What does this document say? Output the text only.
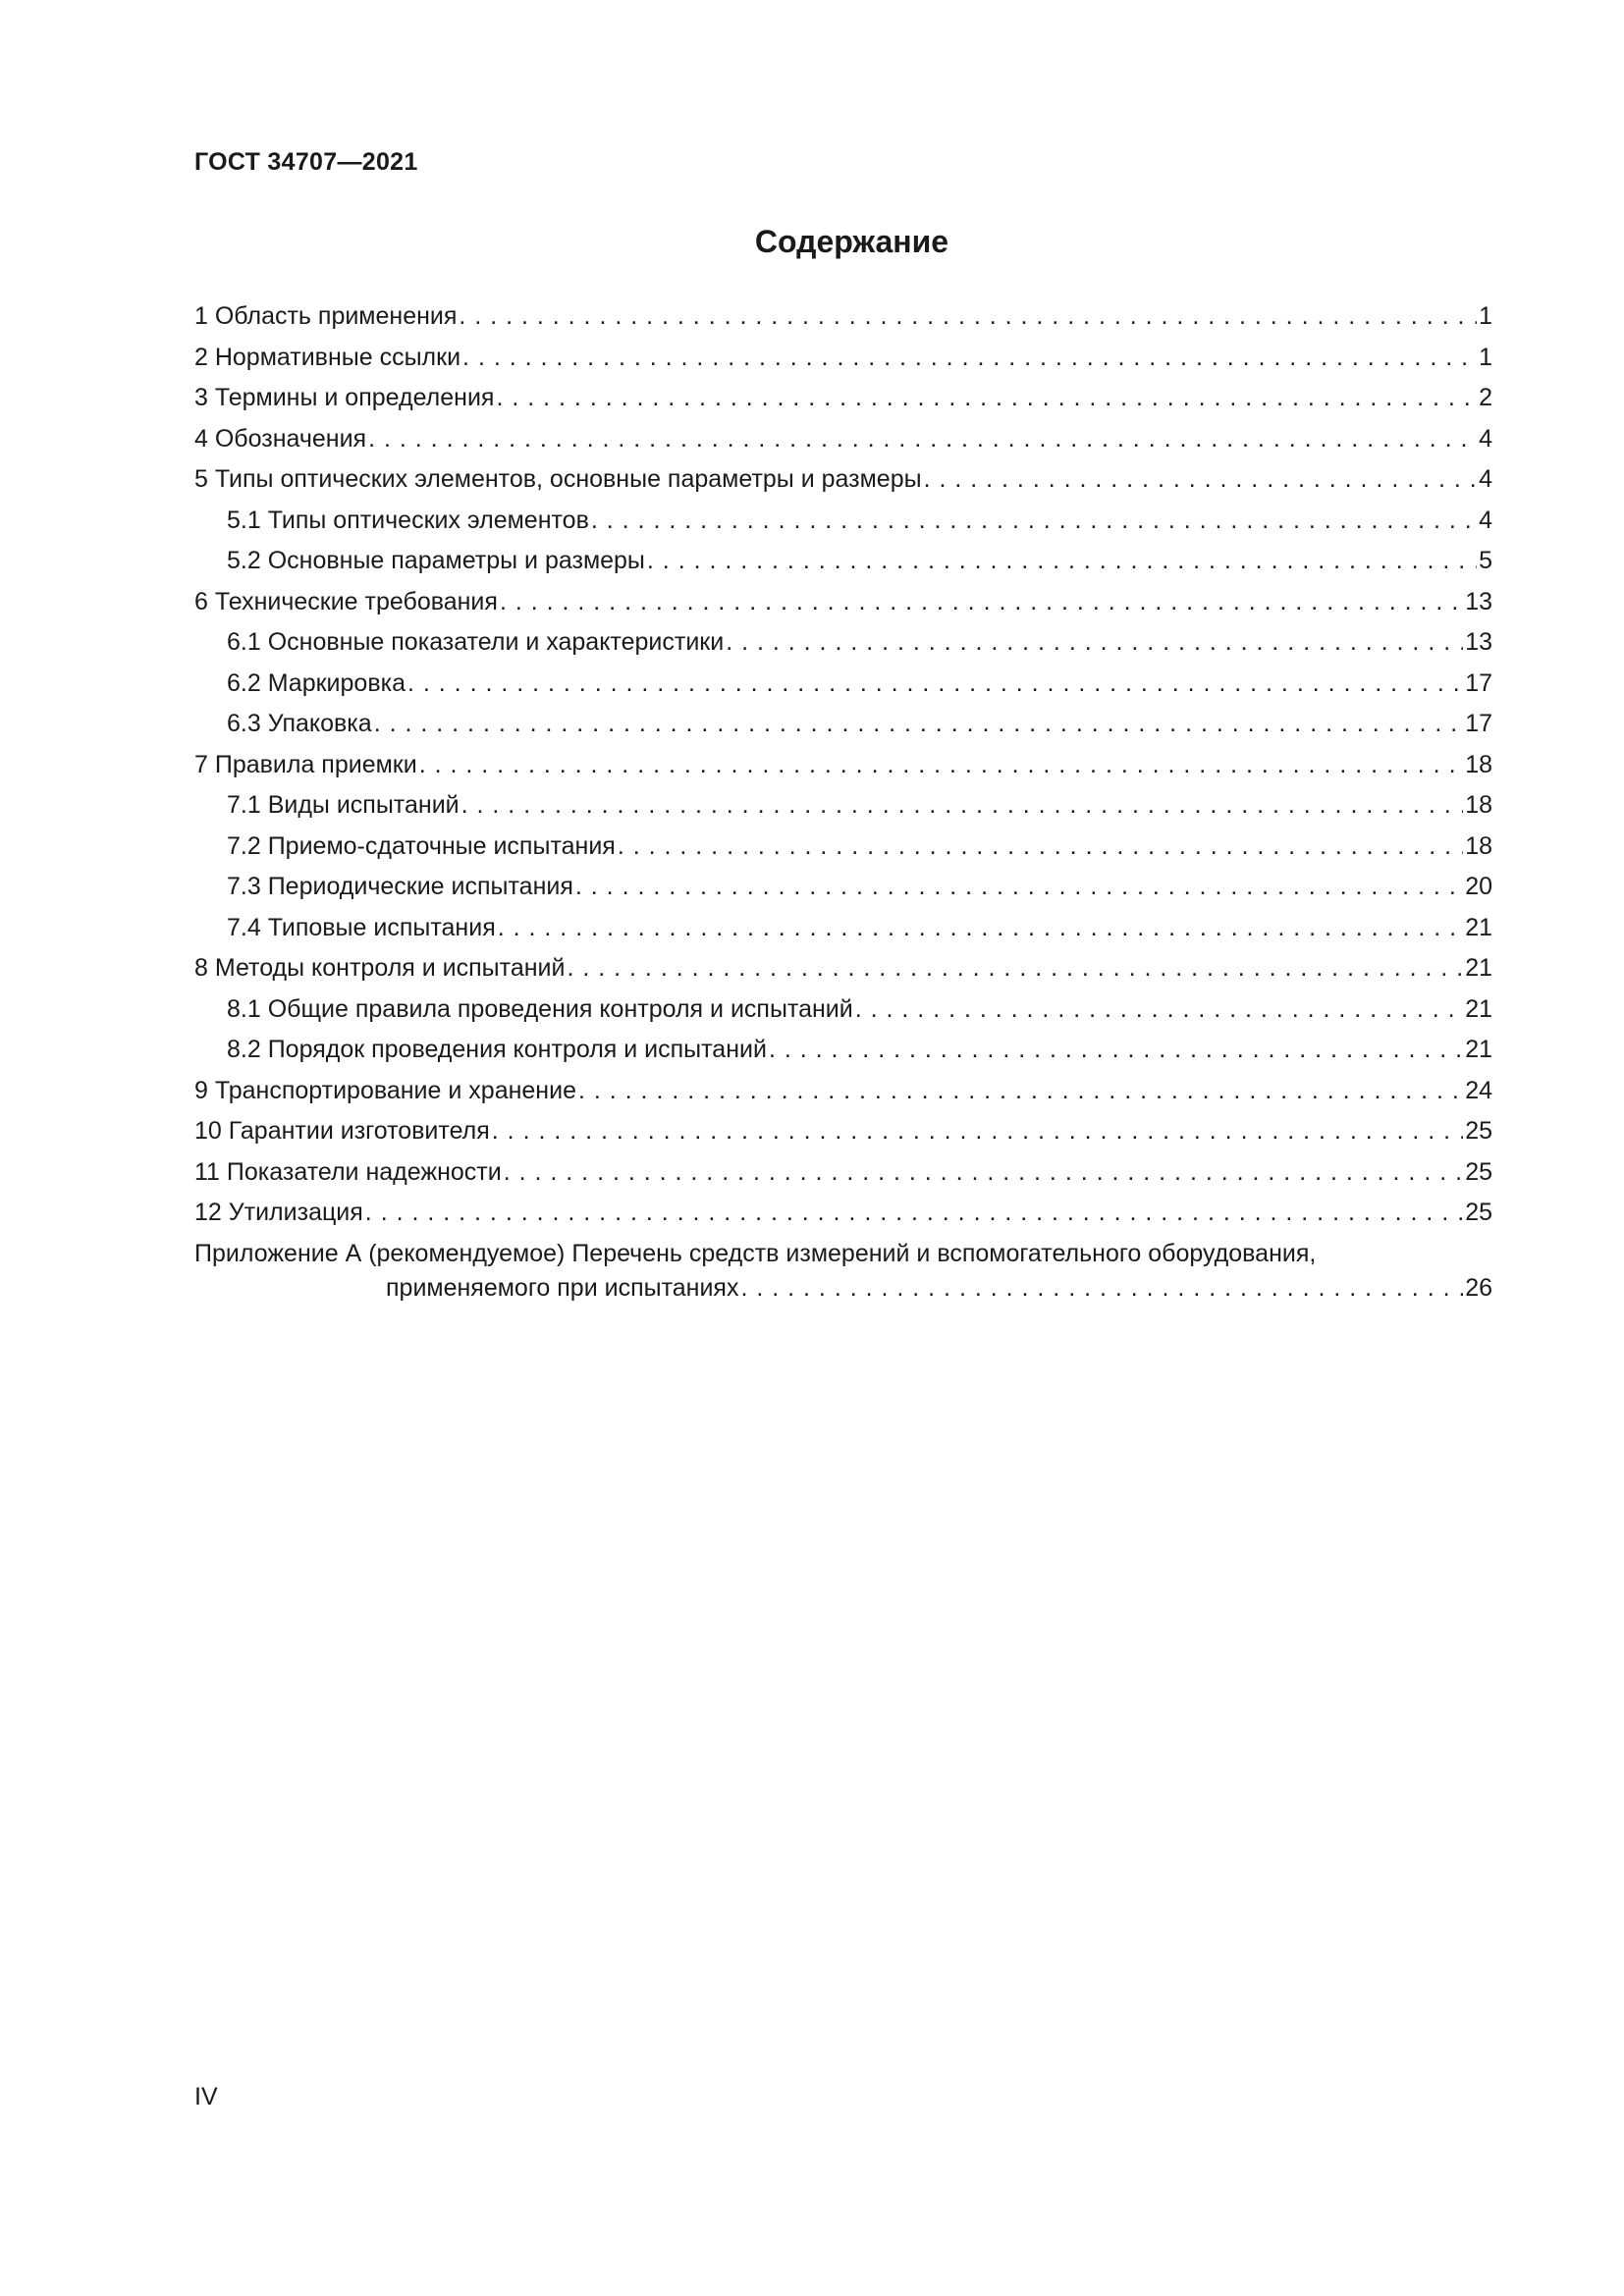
ГОСТ 34707—2021
Содержание
1 Область применения . . .	1
2 Нормативные ссылки . . .	1
3 Термины и определения . . .	2
4 Обозначения . . .	4
5 Типы оптических элементов, основные параметры и размеры . . .	4
5.1 Типы оптических элементов . . .	4
5.2 Основные параметры и размеры . . .	5
6 Технические требования . . .	13
6.1 Основные показатели и характеристики . . .	13
6.2 Маркировка . . .	17
6.3 Упаковка . . .	17
7 Правила приемки . . .	18
7.1 Виды испытаний . . .	18
7.2 Приемо-сдаточные испытания . . .	18
7.3 Периодические испытания . . .	20
7.4 Типовые испытания . . .	21
8 Методы контроля и испытаний . . .	21
8.1 Общие правила проведения контроля и испытаний . . .	21
8.2 Порядок проведения контроля и испытаний . . .	21
9 Транспортирование и хранение . . .	24
10 Гарантии изготовителя . . .	25
11 Показатели надежности . . .	25
12 Утилизация . . .	25
Приложение А (рекомендуемое) Перечень средств измерений и вспомогательного оборудования,
применяемого при испытаниях . . .	26
IV
